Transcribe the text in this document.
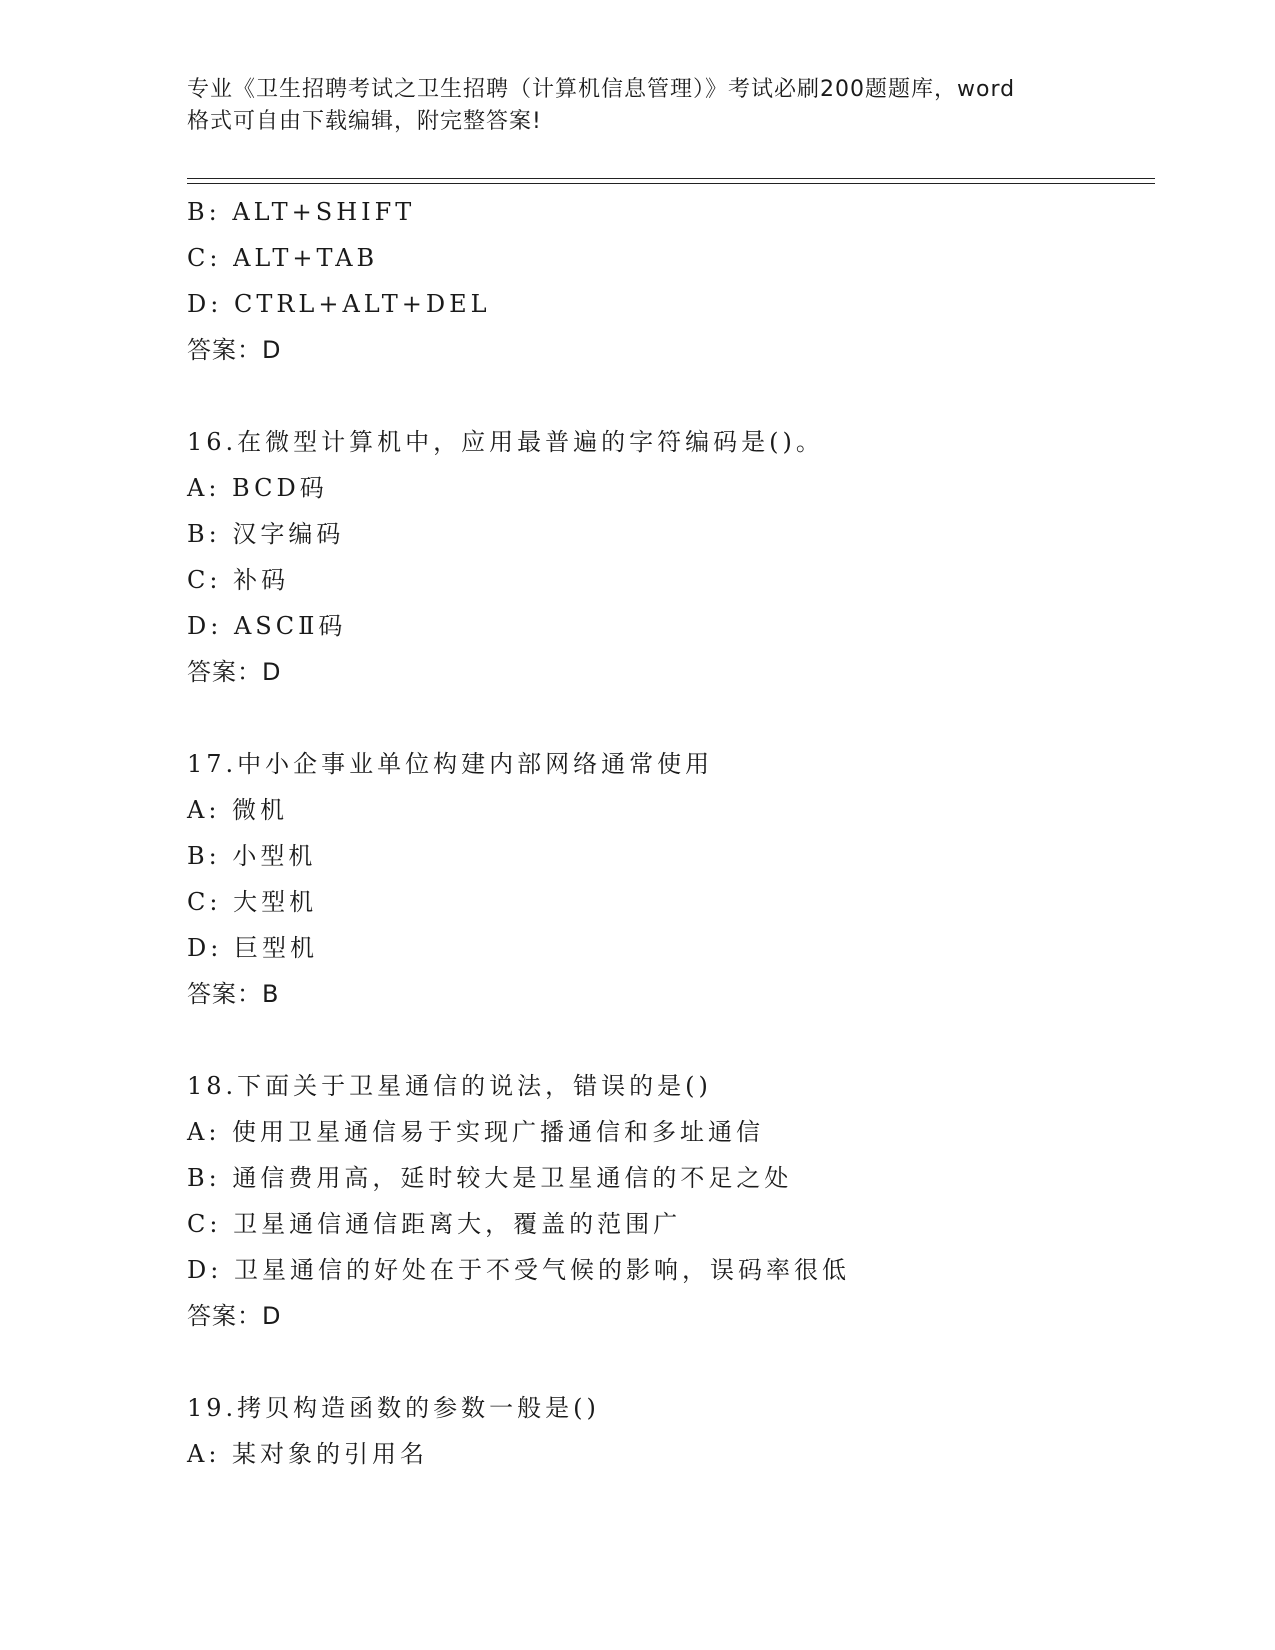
专业《卫生招聘考试之卫生招聘（计算机信息管理）》考试必刷200题题库，word
格式可自由下载编辑，附完整答案!
B: ALT+SHIFT
C: ALT+TAB
D: CTRL+ALT+DEL
答案：D
16.在微型计算机中，应用最普遍的字符编码是()。
A: BCD码
B: 汉字编码
C: 补码
D: ASCⅡ码
答案：D
17.中小企事业单位构建内部网络通常使用
A: 微机
B: 小型机
C: 大型机
D: 巨型机
答案：B
18.下面关于卫星通信的说法，错误的是()
A: 使用卫星通信易于实现广播通信和多址通信
B: 通信费用高，延时较大是卫星通信的不足之处
C: 卫星通信通信距离大，覆盖的范围广
D: 卫星通信的好处在于不受气候的影响，误码率很低
答案：D
19.拷贝构造函数的参数一般是()
A: 某对象的引用名
